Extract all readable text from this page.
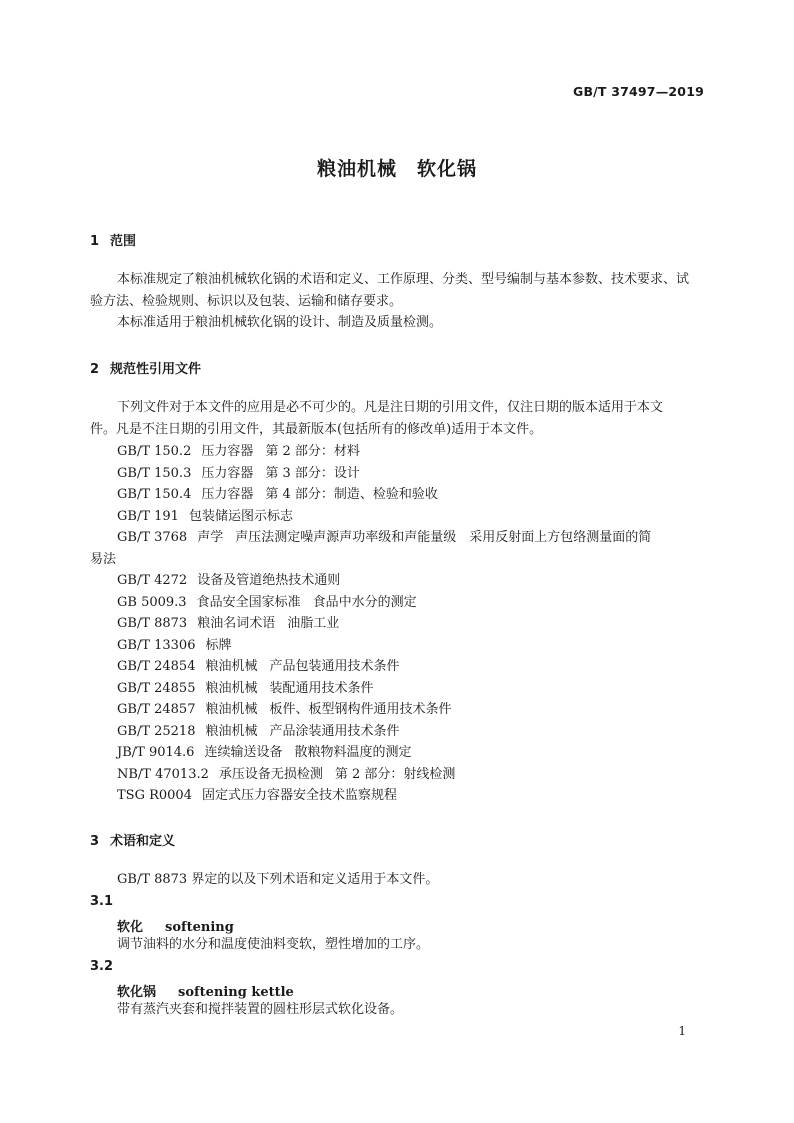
GB/T 37497—2019
粮油机械　软化锅
1 范围
本标准规定了粮油机械软化锅的术语和定义、工作原理、分类、型号编制与基本参数、技术要求、试
验方法、检验规则、标识以及包装、运输和储存要求。
本标准适用于粮油机械软化锅的设计、制造及质量检测。
2 规范性引用文件
下列文件对于本文件的应用是必不可少的。凡是注日期的引用文件，仅注日期的版本适用于本文
件。凡是不注日期的引用文件，其最新版本(包括所有的修改单)适用于本文件。
GB/T 150.2 压力容器 第 2 部分：材料
GB/T 150.3 压力容器 第 3 部分：设计
GB/T 150.4 压力容器 第 4 部分：制造、检验和验收
GB/T 191 包装储运图示标志
GB/T 3768 声学 声压法测定噪声源声功率级和声能量级　采用反射面上方包络测量面的简
易法
GB/T 4272 设备及管道绝热技术通则
GB 5009.3 食品安全国家标准 食品中水分的测定
GB/T 8873 粮油名词术语 油脂工业
GB/T 13306 标牌
GB/T 24854 粮油机械 产品包装通用技术条件
GB/T 24855 粮油机械 装配通用技术条件
GB/T 24857 粮油机械 板件、板型钢构件通用技术条件
GB/T 25218 粮油机械 产品涂装通用技术条件
JB/T 9014.6 连续输送设备 散粮物料温度的测定
NB/T 47013.2 承压设备无损检测 第 2 部分：射线检测
TSG R0004 固定式压力容器安全技术监察规程
3 术语和定义
GB/T 8873 界定的以及下列术语和定义适用于本文件。
3.1
软化 softening
调节油料的水分和温度使油料变软，塑性增加的工序。
3.2
软化锅 softening kettle
带有蒸汽夹套和搅拌装置的圆柱形层式软化设备。
1
